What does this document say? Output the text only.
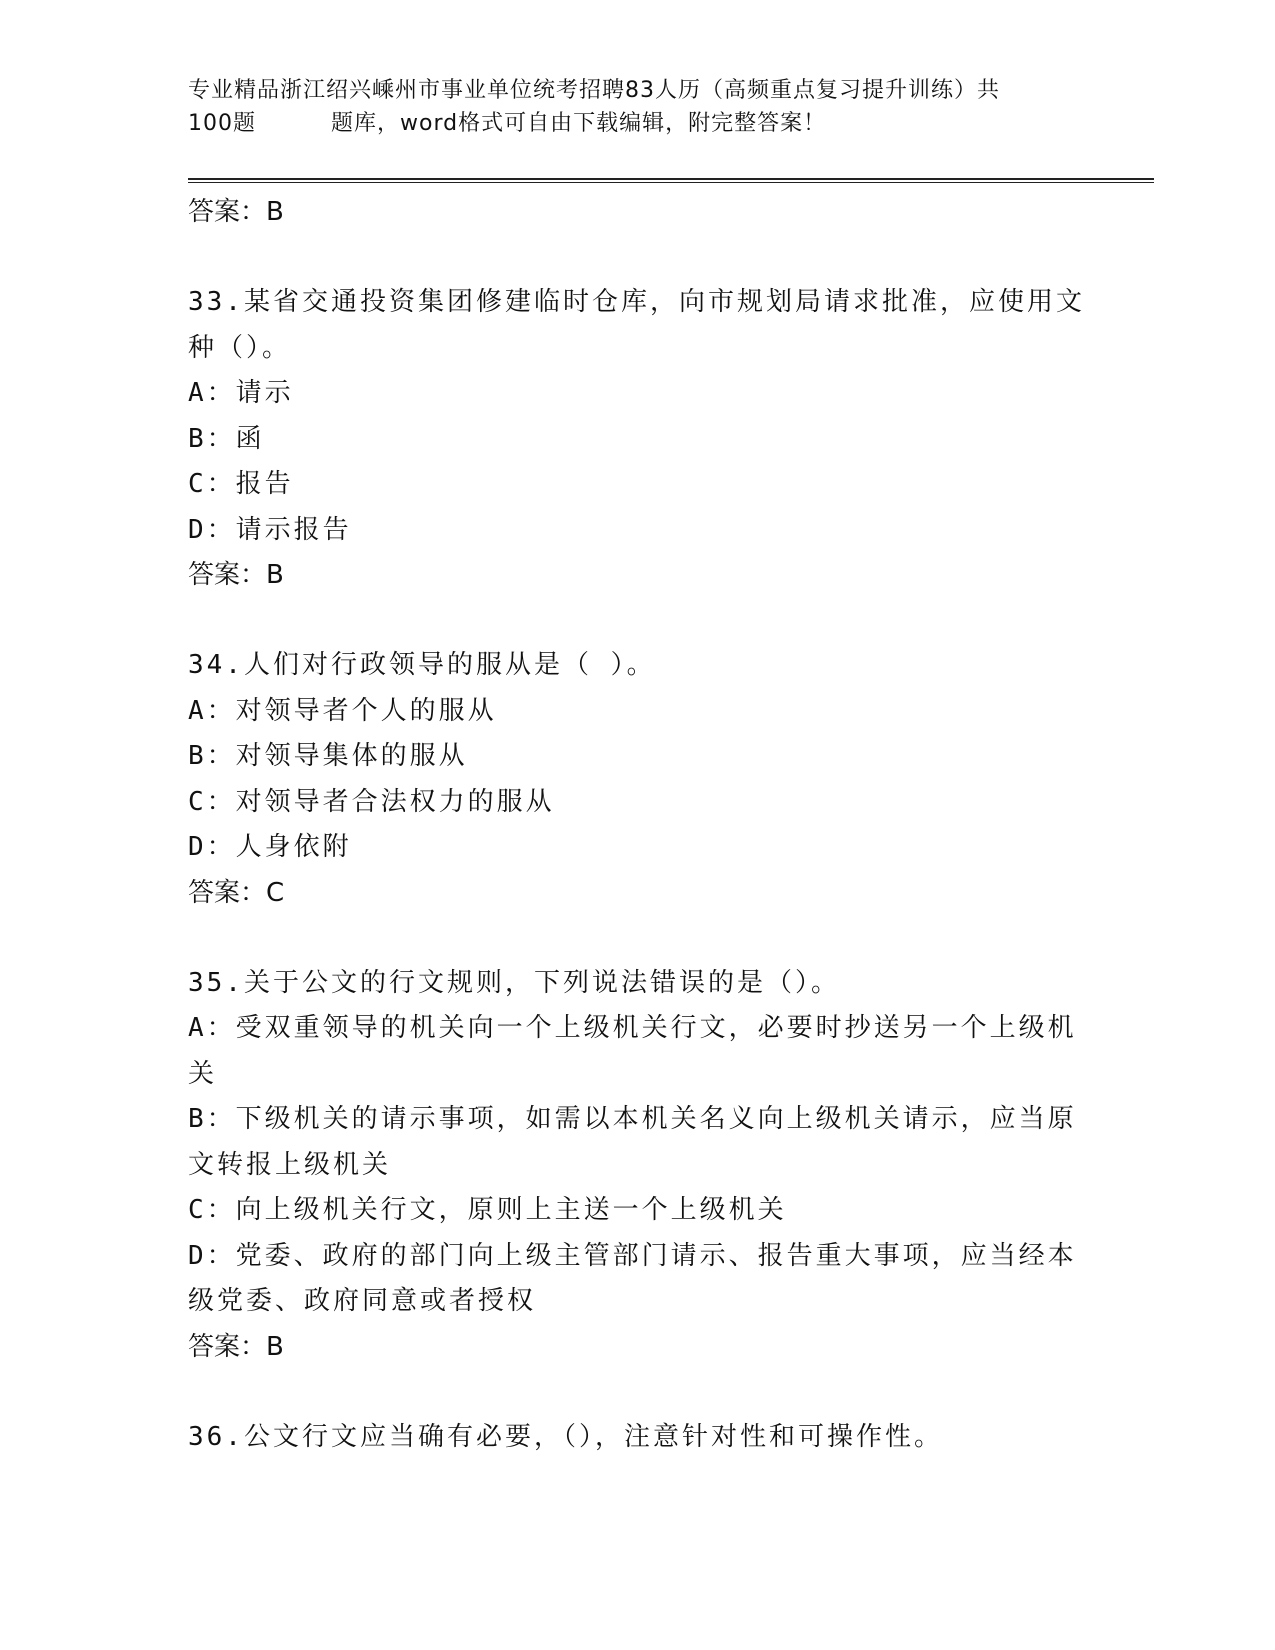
专业精品浙江绍兴嵊州市事业单位统考招聘83人历（高频重点复习提升训练）共
100题	题库，word格式可自由下载编辑，附完整答案！
答案：B
33.某省交通投资集团修建临时仓库，向市规划局请求批准，应使用文
种（）。
A：请示
B：函
C：报告
D：请示报告
答案：B
34.人们对行政领导的服从是（ ）。
A：对领导者个人的服从
B：对领导集体的服从
C：对领导者合法权力的服从
D：人身依附
答案：C
35.关于公文的行文规则，下列说法错误的是（）。
A：受双重领导的机关向一个上级机关行文，必要时抄送另一个上级机
关
B：下级机关的请示事项，如需以本机关名义向上级机关请示，应当原
文转报上级机关
C：向上级机关行文，原则上主送一个上级机关
D：党委、政府的部门向上级主管部门请示、报告重大事项，应当经本
级党委、政府同意或者授权
答案：B
36.公文行文应当确有必要，（），注意针对性和可操作性。
